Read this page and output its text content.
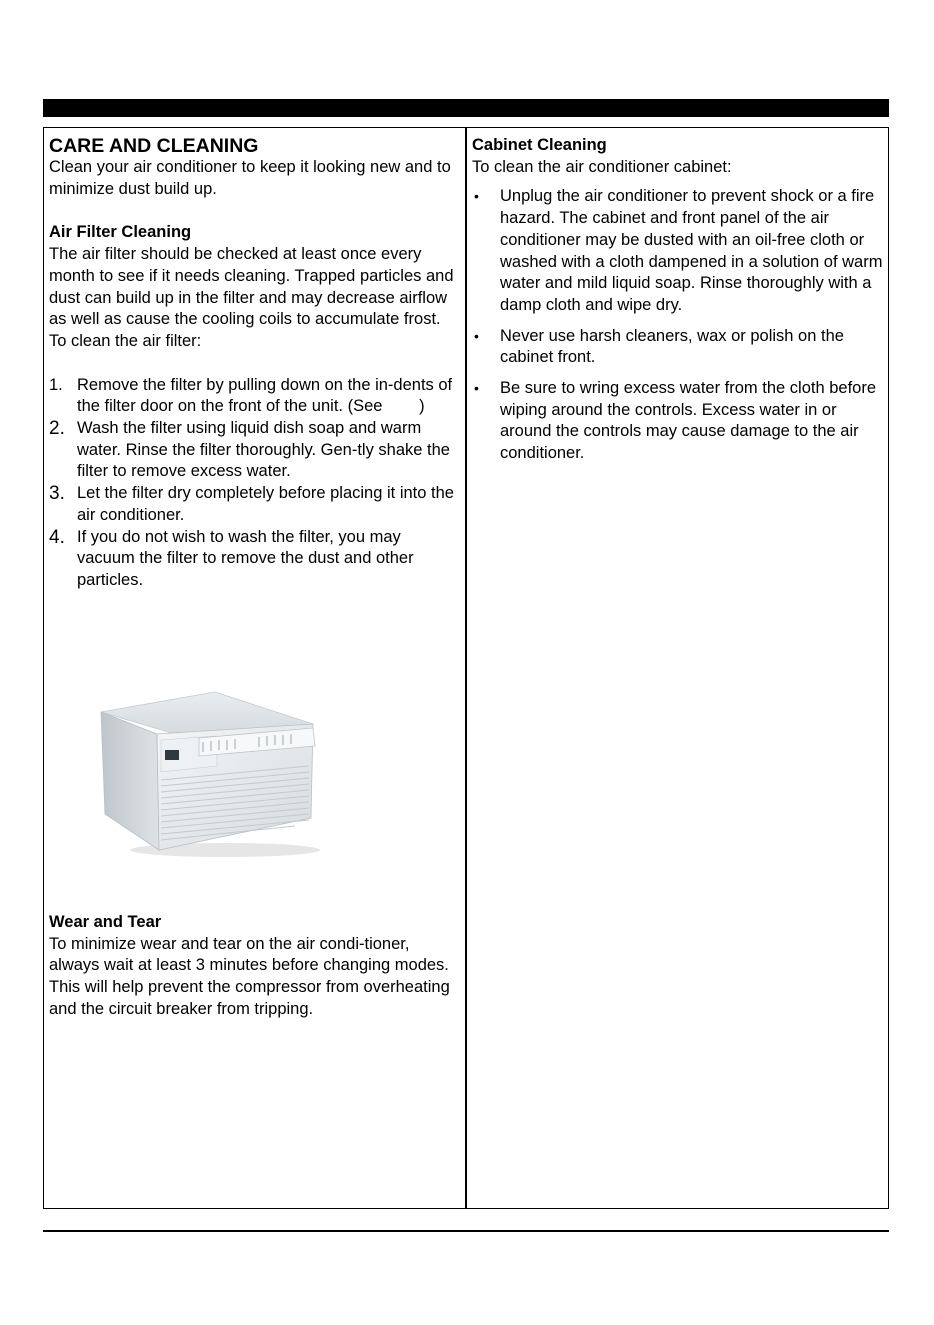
CARE AND CLEANING

Clean your air conditioner to keep it looking new and to minimize dust build up.

Air Filter Cleaning

The air filter should be checked at least once every month to see if it needs cleaning. Trapped particles and dust can build up in the filter and may decrease airflow as well as cause the cooling coils to accumulate frost. To clean the air filter:

1. Remove the filter by pulling down on the in-dents of the filter door on the front of the unit. (See        )
2. Wash the filter using liquid dish soap and warm water. Rinse the filter thoroughly. Gen-tly shake the filter to remove excess water.
3. Let the filter dry completely before placing it into the air conditioner.
4. If you do not wish to wash the filter, you may vacuum the filter to remove the dust and other particles.
Wear and Tear

To minimize wear and tear on the air condi-tioner, always wait at least 3 minutes before changing modes. This will help prevent the compressor from overheating and the circuit breaker from tripping.

Cabinet Cleaning

To clean the air conditioner cabinet:

• Unplug the air conditioner to prevent shock or a fire hazard. The cabinet and front panel of the air conditioner may be dusted with an oil-free cloth or washed with a cloth dampened in a solution of warm water and mild liquid soap. Rinse thoroughly with a damp cloth and wipe dry.
• Never use harsh cleaners, wax or polish on the cabinet front.
• Be sure to wring excess water from the cloth before wiping around the controls. Excess water in or around the controls may cause damage to the air conditioner.
